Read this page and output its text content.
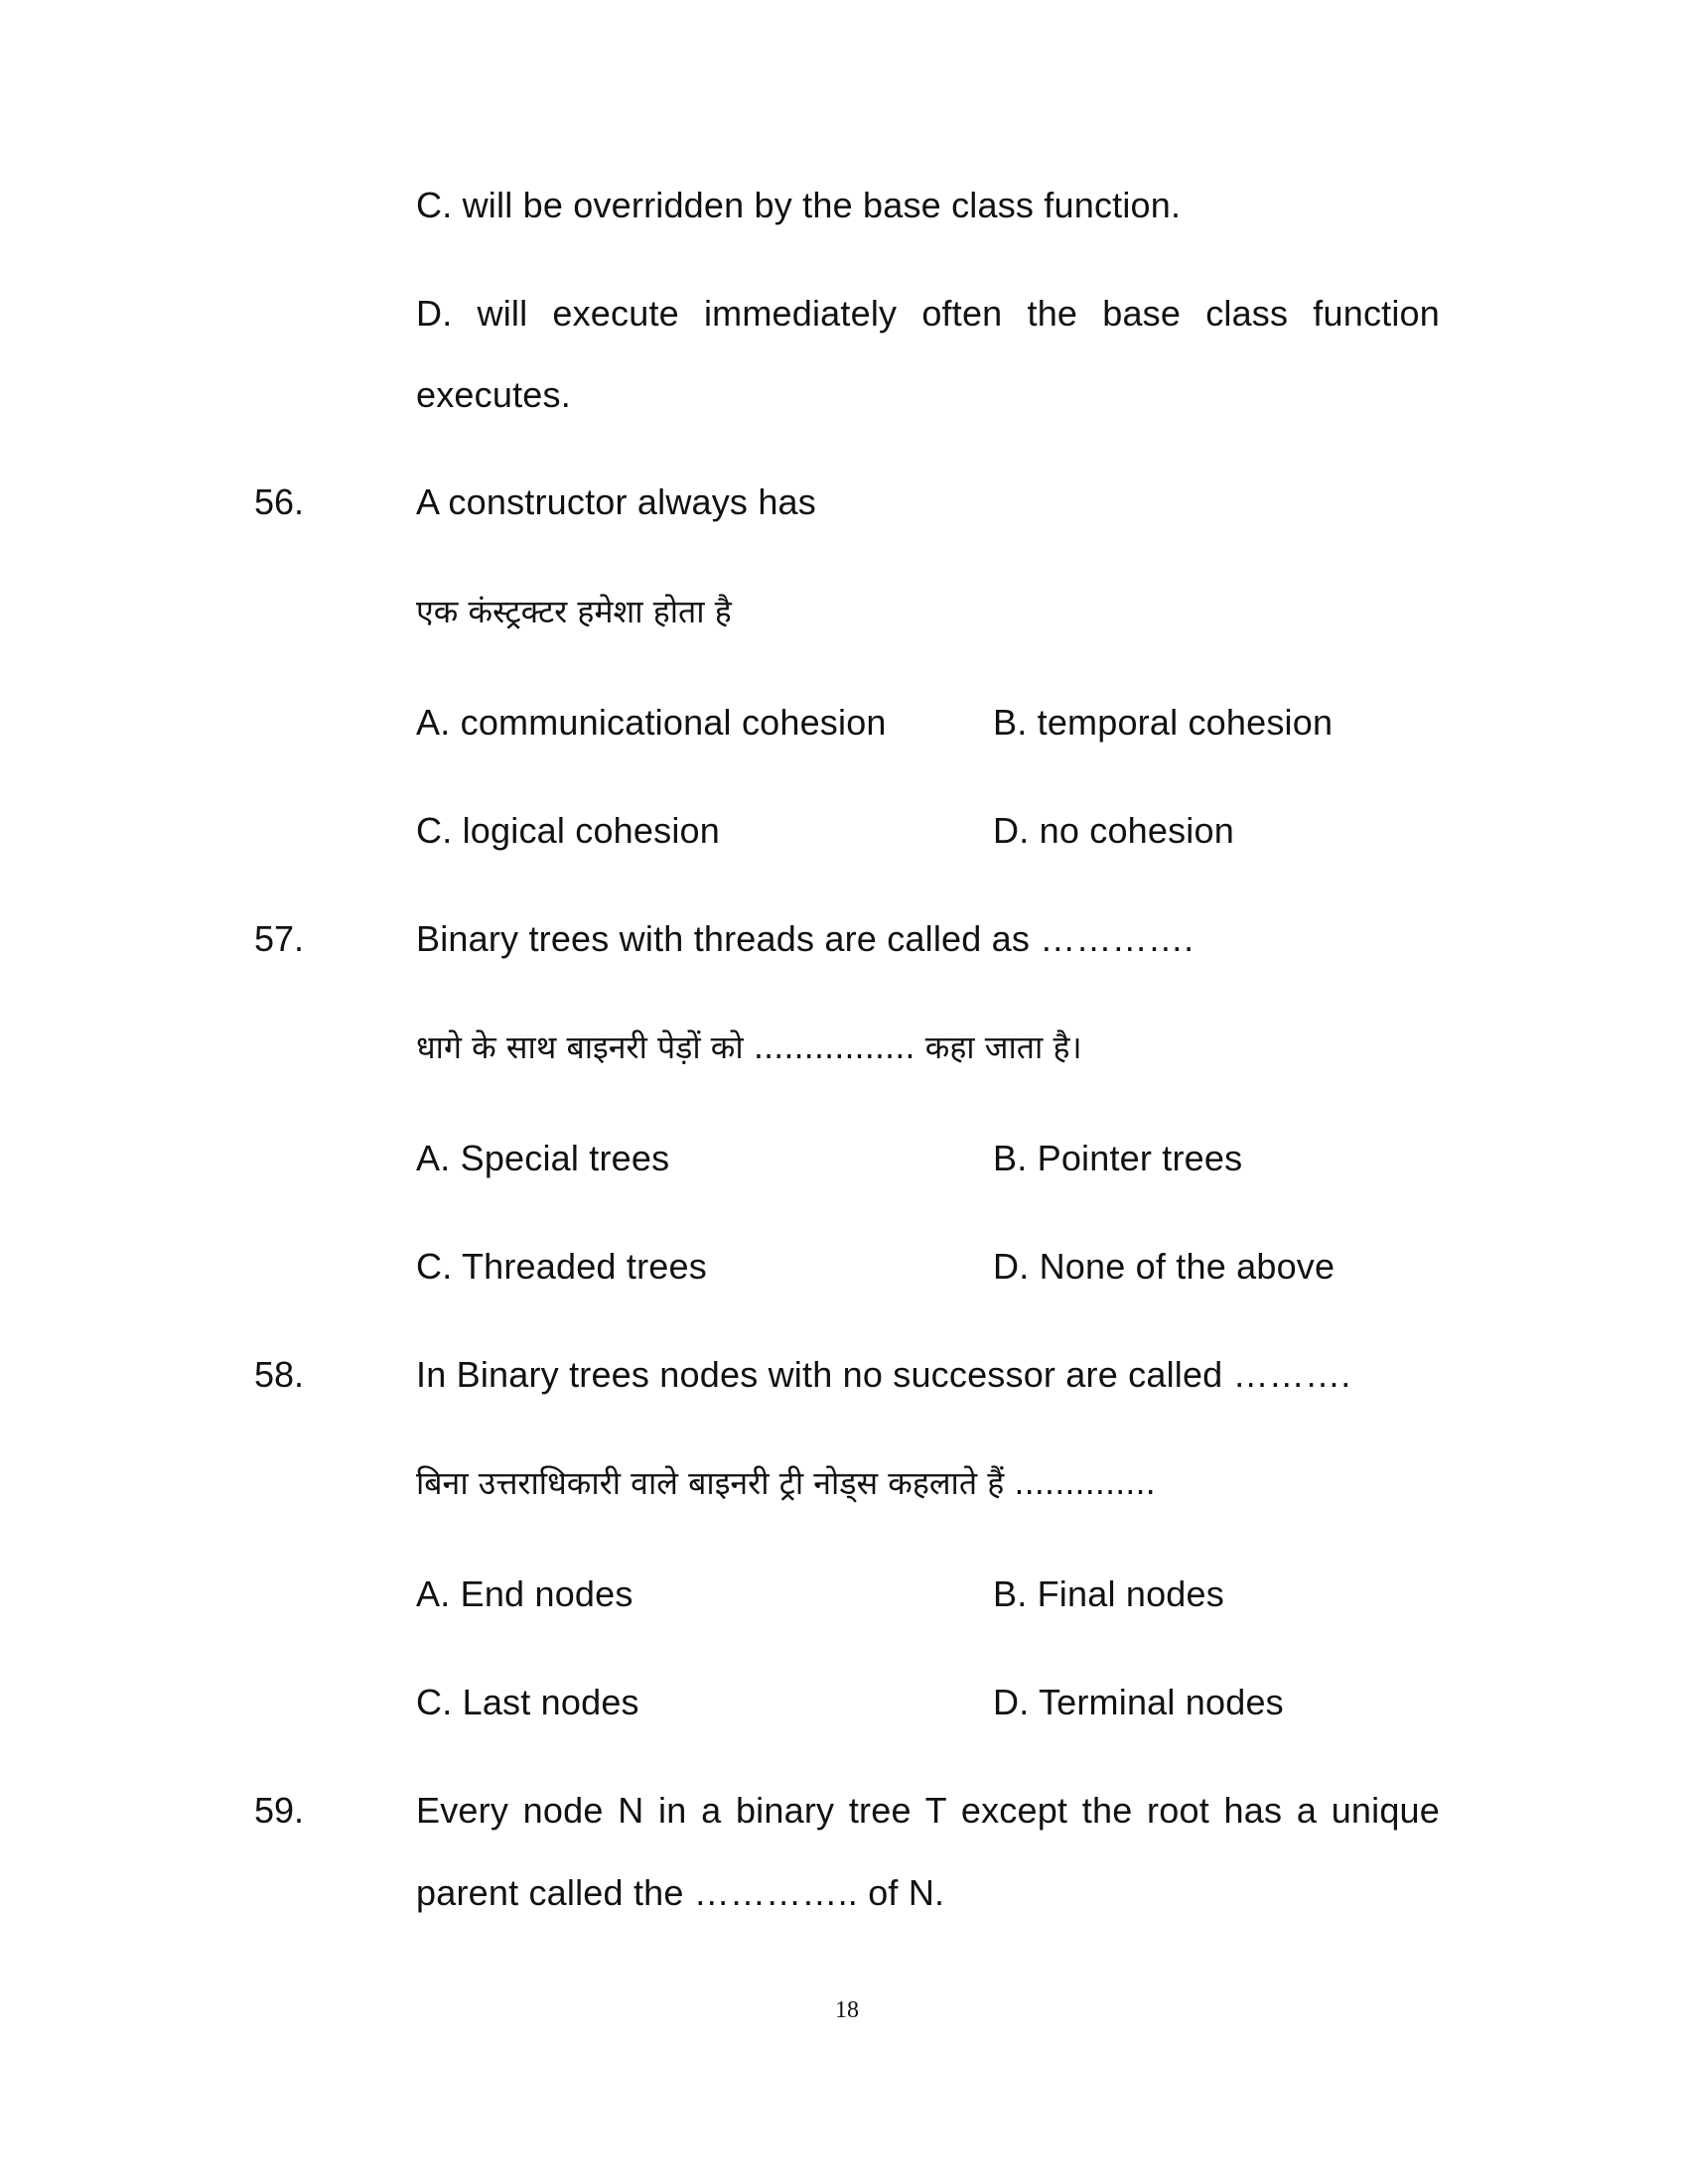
C. will be overridden by the base class function.
D. will execute immediately often the base class function
executes.
56.	A constructor always has
एक कंस्ट्रक्टर हमेशा होता है
A. communicational cohesion	B. temporal cohesion
C. logical cohesion	D. no cohesion
57.	Binary trees with threads are called as ………….
धागे के साथ बाइनरी पेड़ों को ................ कहा जाता है।
A. Special trees	B. Pointer trees
C. Threaded trees	D. None of the above
58.	In Binary trees nodes with no successor are called ……….
बिना उत्तराधिकारी वाले बाइनरी ट्री नोड्स कहलाते हैं ..............
A. End nodes	B. Final nodes
C. Last nodes	D. Terminal nodes
59.	Every node N in a binary tree T except the root has a unique
parent called the ………….. of N.
18
